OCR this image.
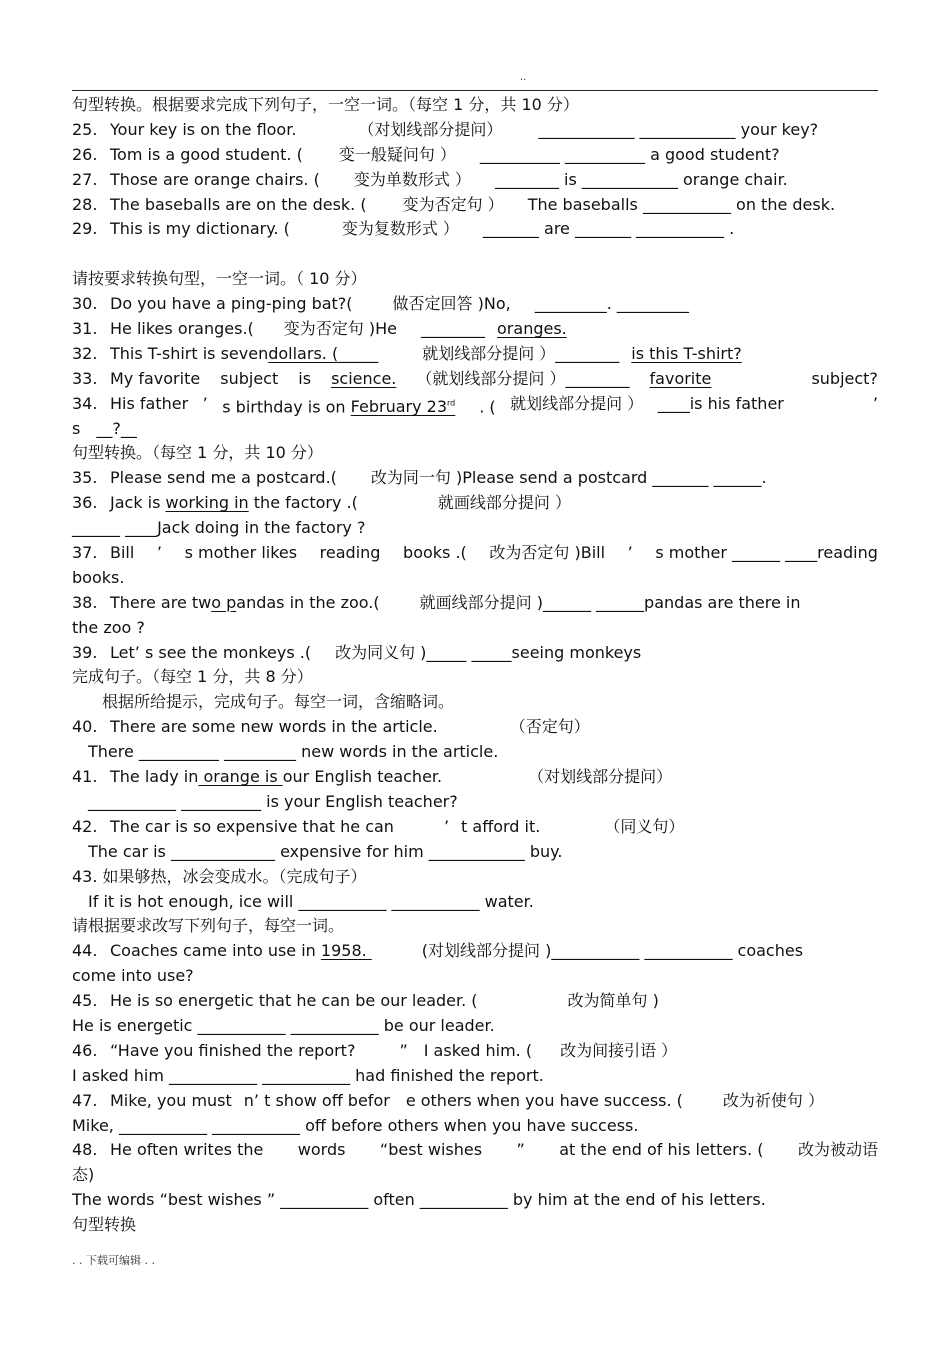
..
句型转换。根据要求完成下列句子，一空一词。（每空 1 分，共 10 分）
25. Your key is on the floor.	（对划线部分提问） ____________ ____________ your key?
26. Tom is a good student. ( 变一般疑问句 ） __________ __________ a good student?
27. Those are orange chairs. ( 变为单数形式 ） ________ is ____________ orange chair.
28. The baseballs are on the desk. ( 变为否定句 ） The baseballs ___________ on the desk.
29. This is my dictionary. (	变为复数形式 ） _______ are _______ ___________ .
请按要求转换句型，一空一词。（ 10 分）
30. Do you have a ping-ping bat?(	做否定回答 )No, _________. _________
31. He likes oranges.( 变为否定句 )He ________ oranges.
32. This T-shirt is sevendollars. (_____	就划线部分提问 ）________ is this T-shirt?
33. My favorite subject is science. （就划线部分提问 ）________ favorite	subject?
34. His father ’ s birthday is on February 23rd . ( 就划线部分提问 ） ____is his father	’
s __?__
句型转换。（每空 1 分，共 10 分）
35. Please send me a postcard.( 改为同一句 )Please send a postcard _______ ______.
36. Jack is working in the factory .(	就画线部分提问 ）
______ ____Jack doing in the factory ?
37. Bill ’ s mother likes reading books .( 改为否定句 )Bill ’ s mother ______ ____reading
books.
38. There are two pandas in the zoo.(	就画线部分提问 )______ ______pandas are there in
the zoo ?
39. Let’ s see the monkeys .( 改为同义句 )_____ _____seeing monkeys
完成句子。（每空 1 分，共 8 分）
根据所给提示，完成句子。每空一词，含缩略词。
40. There are some new words in the article.	（否定句）
There __________ _________ new words in the article.
41. The lady in orange is our English teacher.	（对划线部分提问）
___________ __________ is your English teacher?
42. The car is so expensive that he can	’ t afford it.	（同义句）
The car is _____________ expensive for him ____________ buy.
43. 如果够热，冰会变成水。（完成句子）
If it is hot enough, ice will ___________ ___________ water.
请根据要求改写下列句子，每空一词。
44. Coaches came into use in 1958.	(对划线部分提问 )___________ ___________ coaches
come into use?
45. He is so energetic that he can be our leader. (	改为简单句 )
He is energetic ___________ ___________ be our leader.
46. “Have you finished the report?	” I asked him. ( 改为间接引语 ）
I asked him ___________ ___________ had finished the report.
47. Mike, you must n’ t show off befor e others when you have success. (	改为祈使句 ）
Mike, ___________ ___________ off before others when you have success.
48. He often writes the words “best wishes ” at the end of his letters. ( 改为被动语
态)
The words “best wishes ” ___________ often ___________ by him at the end of his letters.
句型转换
. . 下载可编辑 . .
